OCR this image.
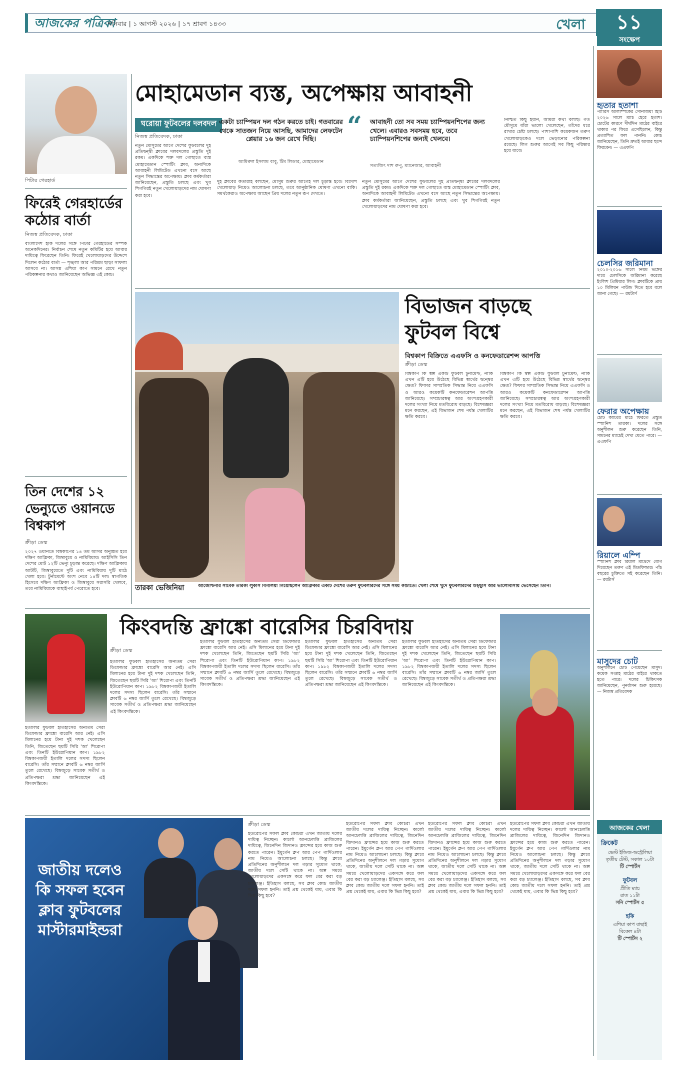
আজকের পত্রিকা
শনিবার | ১ আগস্ট ২০২৬ | ১৭ শ্রাবণ ১৪৩৩	খেলা	১১
পিটার গেরহার্ড
ফিরেই গেরহার্ডের কঠোর বার্তা
নিজস্ব প্রতিবেদক, ঢাকা
বাংলাদেশ হকি দলের সঙ্গে পিটার গেরহার্ডের সম্পর্ক অনেকদিনের। নির্বাচন শেষে নতুন কমিটির হয়ে আবার দায়িত্বে ফিরেছেন তিনি। ফিরেই খেলোয়াড়দের উদ্দেশে দিলেন কঠোর বার্তা — শৃঙ্খলা আর পরিশ্রম ছাড়া সাফল্য আসবে না। আসন্ন এশিয়া কাপ সামনে রেখে নতুন পরিকল্পনার কথাও জানিয়েছেন অভিজ্ঞ এই কোচ।
তিন দেশের ১২ ভেন্যুতে ওয়ানডে বিশ্বকাপ
ক্রীড়া ডেস্ক
২০২৭ ওয়ানডে বিশ্বকাপের ১৪ তম আসর অনুষ্ঠিত হবে দক্ষিণ আফ্রিকা, জিম্বাবুয়ে ও নামিবিয়ায়। আইসিসি তিন দেশের মোট ১২টি ভেন্যু চূড়ান্ত করেছে। দক্ষিণ আফ্রিকায় আটটি, জিম্বাবুয়েতে দুটি এবং নামিবিয়ায় দুটি মাঠে খেলা হবে। টুর্নামেন্টে অংশ নেবে ১৪টি দল। স্বাগতিক হিসেবে দক্ষিণ আফ্রিকা ও জিম্বাবুয়ে সরাসরি খেলবে, তবে নামিবিয়াকে বাছাইপর্ব পেরোতে হবে।
মোহামেডান ব্যস্ত, অপেক্ষায় আবাহনী
ঘরোয়া ফুটবলের দলবদল
নিজস্ব প্রতিবেদক, ঢাকা
নতুন মৌসুমের আগে দেশের ফুটবলের দুই প্রতিদ্বন্দ্বী ক্লাবের দলবদলের প্রস্তুতি দুই রকম। একদিকে শক্ত দল গোছাতে ব্যস্ত মোহামেডান স্পোর্টিং ক্লাব, অন্যদিকে আবাহনী লিমিটেড এখনো বসে আছে নতুন সিদ্ধান্তের অপেক্ষায়। ক্লাব কর্মকর্তারা জানিয়েছেন, প্রস্তুতি চলছে এবং খুব শিগগিরই নতুন খেলোয়াড়দের নাম ঘোষণা করা হবে।
একটা চ্যাম্পিয়ন দল গঠন করতে চাই। গতবারের থেকে সাতজন নিয়ে আসছি, আমাদের লেফটেন প্লেয়ার ১৬ জন রেখে দিছি।
আমিরুল ইসলাম বাবু, টিম লিডার, মোহামেডান
“ আবাহনী তো সব সময় চ্যাম্পিয়নশিপের জন্য খেলে। এবারও সবসময় হবে, তবে চ্যাম্পিয়নশিপের জন্যই খেলবে।
সত্যজিৎ দাশ রুপু, ম্যানেজার, আবাহনী
দুই ক্লাবের কর্তারাই বলছেন, মৌসুম শুরুর আগেই দল চূড়ান্ত হবে। বিদেশি খেলোয়াড় নিয়েও আলোচনা চলছে, তবে আনুষ্ঠানিক ঘোষণা এখনো বাকি। সমর্থকেরাও অপেক্ষায় আছেন প্রিয় দলের নতুন রূপ দেখতে।
নতুন মৌসুমের আগে দেশের ফুটবলের দুই প্রতিদ্বন্দ্বী ক্লাবের দলবদলের প্রস্তুতি দুই রকম। একদিকে শক্ত দল গোছাতে ব্যস্ত মোহামেডান স্পোর্টিং ক্লাব, অন্যদিকে আবাহনী লিমিটেড এখনো বসে আছে নতুন সিদ্ধান্তের অপেক্ষায়। ক্লাব কর্মকর্তারা জানিয়েছেন, প্রস্তুতি চলছে এবং খুব শিগগিরই নতুন খেলোয়াড়দের নাম ঘোষণা করা হবে।
নিশ্চিত কিছু হয়নি, আমরা কথা বলছি। গত মৌসুমে যাঁরা ভালো খেলেছেন, তাঁদের ধরে রাখার চেষ্টা চলছে। পাশাপাশি কয়েকজন তরুণ খেলোয়াড়কেও দলে ভেড়ানোর পরিকল্পনা রয়েছে। লিগ শুরুর আগেই সব কিছু পরিষ্কার হয়ে যাবে।
তারকা ভেজিনিয়া	আর্জেন্টিনার সাবেক তারকা লুকাস বিগলিয়া গিয়েছিলেন আফ্রিকার একটি দেশের তরুণ ফুটবলারদের সঙ্গে সময় কাটাতে। খেলা শেষে খুদে ফুটবলারদের উচ্ছ্বাস আর ভালোবাসায় ভেসেছেন তিনি।
বিভাজন বাড়ছে
ফুটবল বিশ্বে
বিশ্বকাপ বিক্রিতে এএফসি ও কনফেডারেশন্স আপত্তি
ক্রীড়া ডেস্ক
বিশ্বকাপ কি স্বল্প একটি ফুটবল টুর্নামেন্ট, নাকি এখন এটি হয়ে উঠেছে বিভিন্ন স্বার্থের দ্বন্দ্বের ক্ষেত্র? ফিফার সাম্প্রতিক সিদ্ধান্ত নিয়ে এএফসি ও আরও কয়েকটি কনফেডারেশন আপত্তি জানিয়েছে। সম্প্রচারস্বত্ব আর অংশগ্রহণকারী দলের সংখ্যা নিয়ে মতবিরোধ বাড়ছে। বিশেষজ্ঞরা মনে করছেন, এই বিভাজন শেষ পর্যন্ত খেলাটির ক্ষতি করবে।
বিশ্বকাপ কি স্বল্প একটি ফুটবল টুর্নামেন্ট, নাকি এখন এটি হয়ে উঠেছে বিভিন্ন স্বার্থের দ্বন্দ্বের ক্ষেত্র? ফিফার সাম্প্রতিক সিদ্ধান্ত নিয়ে এএফসি ও আরও কয়েকটি কনফেডারেশন আপত্তি জানিয়েছে। সম্প্রচারস্বত্ব আর অংশগ্রহণকারী দলের সংখ্যা নিয়ে মতবিরোধ বাড়ছে। বিশেষজ্ঞরা মনে করছেন, এই বিভাজন শেষ পর্যন্ত খেলাটির ক্ষতি করবে।
কিংবদন্তি ফ্রাঙ্কো বারেসির চিরবিদায়
ক্রীড়া ডেস্ক
ইতালির ফুটবল ইতিহাসের অন্যতম সেরা ডিফেন্ডার ফ্রাঙ্কো বারেসি আর নেই। এসি মিলানের হয়ে টানা দুই দশক খেলেছেন তিনি, জিতেছেন ছয়টি সিরি 'আ' শিরোপা এবং তিনটি ইউরোপিয়ান কাপ। ১৯৮২ বিশ্বকাপজয়ী ইতালি দলের সদস্য ছিলেন বারেসি। তাঁর সম্মানে ক্লাবটি ৬ নম্বর জার্সি তুলে রেখেছে। বিশ্বজুড়ে সাবেক সতীর্থ ও প্রতিপক্ষরা শ্রদ্ধা জানিয়েছেন এই কিংবদন্তিকে।
ইতালির ফুটবল ইতিহাসের অন্যতম সেরা ডিফেন্ডার ফ্রাঙ্কো বারেসি আর নেই। এসি মিলানের হয়ে টানা দুই দশক খেলেছেন তিনি, জিতেছেন ছয়টি সিরি 'আ' শিরোপা এবং তিনটি ইউরোপিয়ান কাপ। ১৯৮২ বিশ্বকাপজয়ী ইতালি দলের সদস্য ছিলেন বারেসি। তাঁর সম্মানে ক্লাবটি ৬ নম্বর জার্সি তুলে রেখেছে। বিশ্বজুড়ে সাবেক সতীর্থ ও প্রতিপক্ষরা শ্রদ্ধা জানিয়েছেন এই কিংবদন্তিকে।
ইতালির ফুটবল ইতিহাসের অন্যতম সেরা ডিফেন্ডার ফ্রাঙ্কো বারেসি আর নেই। এসি মিলানের হয়ে টানা দুই দশক খেলেছেন তিনি, জিতেছেন ছয়টি সিরি 'আ' শিরোপা এবং তিনটি ইউরোপিয়ান কাপ। ১৯৮২ বিশ্বকাপজয়ী ইতালি দলের সদস্য ছিলেন বারেসি। তাঁর সম্মানে ক্লাবটি ৬ নম্বর জার্সি তুলে রেখেছে। বিশ্বজুড়ে সাবেক সতীর্থ ও প্রতিপক্ষরা শ্রদ্ধা জানিয়েছেন এই কিংবদন্তিকে।
ইতালির ফুটবল ইতিহাসের অন্যতম সেরা ডিফেন্ডার ফ্রাঙ্কো বারেসি আর নেই। এসি মিলানের হয়ে টানা দুই দশক খেলেছেন তিনি, জিতেছেন ছয়টি সিরি 'আ' শিরোপা এবং তিনটি ইউরোপিয়ান কাপ। ১৯৮২ বিশ্বকাপজয়ী ইতালি দলের সদস্য ছিলেন বারেসি। তাঁর সম্মানে ক্লাবটি ৬ নম্বর জার্সি তুলে রেখেছে। বিশ্বজুড়ে সাবেক সতীর্থ ও প্রতিপক্ষরা শ্রদ্ধা জানিয়েছেন এই কিংবদন্তিকে।
ইতালির ফুটবল ইতিহাসের অন্যতম সেরা ডিফেন্ডার ফ্রাঙ্কো বারেসি আর নেই। এসি মিলানের হয়ে টানা দুই দশক খেলেছেন তিনি, জিতেছেন ছয়টি সিরি 'আ' শিরোপা এবং তিনটি ইউরোপিয়ান কাপ। ১৯৮২ বিশ্বকাপজয়ী ইতালি দলের সদস্য ছিলেন বারেসি। তাঁর সম্মানে ক্লাবটি ৬ নম্বর জার্সি তুলে রেখেছে। বিশ্বজুড়ে সাবেক সতীর্থ ও প্রতিপক্ষরা শ্রদ্ধা জানিয়েছেন এই কিংবদন্তিকে।
জাতীয় দলেও কি সফল হবেন ক্লাব ফুটবলের মাস্টারমাইন্ডরা
ক্রীড়া ডেস্ক
ইউরোপের সফল ক্লাব কোচরা এখন জাতীয় দলের দায়িত্ব নিচ্ছেন। কার্লো আনচেলত্তি ব্রাজিলের দায়িত্বে, জিনেদিন জিদানও ফ্রান্সের হয়ে কাজ শুরু করতে পারেন। ইয়ুর্গেন ক্লপ আর পেপ গার্দিওলার নাম নিয়েও আলোচনা চলছে। কিন্তু ক্লাবে প্রতিদিনের অনুশীলনে দল গড়ার সুযোগ থাকে, জাতীয় দলে সেটি থাকে না। অল্প সময়ে খেলোয়াড়দের একসঙ্গে করে ফল বের করা বড় চ্যালেঞ্জ। ইতিহাস বলছে, সব ক্লাব কোচ জাতীয় দলে সফল হননি। তাই প্রশ্ন থেকেই যায়, এবার কি ভিন্ন কিছু হবে?
ইউরোপের সফল ক্লাব কোচরা এখন জাতীয় দলের দায়িত্ব নিচ্ছেন। কার্লো আনচেলত্তি ব্রাজিলের দায়িত্বে, জিনেদিন জিদানও ফ্রান্সের হয়ে কাজ শুরু করতে পারেন। ইয়ুর্গেন ক্লপ আর পেপ গার্দিওলার নাম নিয়েও আলোচনা চলছে। কিন্তু ক্লাবে প্রতিদিনের অনুশীলনে দল গড়ার সুযোগ থাকে, জাতীয় দলে সেটি থাকে না। অল্প সময়ে খেলোয়াড়দের একসঙ্গে করে ফল বের করা বড় চ্যালেঞ্জ। ইতিহাস বলছে, সব ক্লাব কোচ জাতীয় দলে সফল হননি। তাই প্রশ্ন থেকেই যায়, এবার কি ভিন্ন কিছু হবে?
ইউরোপের সফল ক্লাব কোচরা এখন জাতীয় দলের দায়িত্ব নিচ্ছেন। কার্লো আনচেলত্তি ব্রাজিলের দায়িত্বে, জিনেদিন জিদানও ফ্রান্সের হয়ে কাজ শুরু করতে পারেন। ইয়ুর্গেন ক্লপ আর পেপ গার্দিওলার নাম নিয়েও আলোচনা চলছে। কিন্তু ক্লাবে প্রতিদিনের অনুশীলনে দল গড়ার সুযোগ থাকে, জাতীয় দলে সেটি থাকে না। অল্প সময়ে খেলোয়াড়দের একসঙ্গে করে ফল বের করা বড় চ্যালেঞ্জ। ইতিহাস বলছে, সব ক্লাব কোচ জাতীয় দলে সফল হননি। তাই প্রশ্ন থেকেই যায়, এবার কি ভিন্ন কিছু হবে?
ইউরোপের সফল ক্লাব কোচরা এখন জাতীয় দলের দায়িত্ব নিচ্ছেন। কার্লো আনচেলত্তি ব্রাজিলের দায়িত্বে, জিনেদিন জিদানও ফ্রান্সের হয়ে কাজ শুরু করতে পারেন। ইয়ুর্গেন ক্লপ আর পেপ গার্দিওলার নাম নিয়েও আলোচনা চলছে। কিন্তু ক্লাবে প্রতিদিনের অনুশীলনে দল গড়ার সুযোগ থাকে, জাতীয় দলে সেটি থাকে না। অল্প সময়ে খেলোয়াড়দের একসঙ্গে করে ফল বের করা বড় চ্যালেঞ্জ। ইতিহাস বলছে, সব ক্লাব কোচ জাতীয় দলে সফল হননি। তাই প্রশ্ন থেকেই যায়, এবার কি ভিন্ন কিছু হবে?
সংক্ষেপ
হৃতার হতাশা
প্যারিস অলিম্পিকের সোনাজয়ী হিটি ২০২৬ সালে ম্যাচ হেরে হতাশ। চোটের কারণে দীর্ঘদিন মাঠের বাইরে থাকার পর ফিরে এসেছিলেন, কিন্তু প্রত্যাশিত ফল পাননি। কোচ জানিয়েছেন, তিনি দ্রুতই আবার ছন্দে ফিরবেন। — এএফপি
চেলসির জরিমানা
২০১০-২০১৬ সালে নিয়ম ভঙ্গের দায়ে চেলসিকে জরিমানা করেছে ইংলিশ প্রিমিয়ার লিগ। ক্লাবটিকে প্রায় ১০ মিলিয়ন পাউন্ড দিতে হবে বলে জানা গেছে। — রয়টার্স
ফেরার অপেক্ষায়
চোট কাটিয়ে মাঠে ফিরতে প্রস্তুত স্প্যানিশ তারকা। দলের সঙ্গে অনুশীলন শুরু করেছেন তিনি, সামনের ম্যাচেই দেখা যেতে পারে। — এএফপি
রিয়ালে এম্পি
স্প্যানিশ ক্লাব রিয়াল মাদ্রিদে যোগ দিয়েছেন তরুণ এই মিডফিল্ডার। পাঁচ বছরের চুক্তিতে সই করেছেন তিনি। — রয়টার্স
মাসুদের চোট
অনুশীলনে চোট পেয়েছেন মাসুদ। কয়েক সপ্তাহ মাঠের বাইরে থাকতে হতে পারে। দলের চিকিৎসক জানিয়েছেন, পুনর্বাসন শুরু হয়েছে। — নিজস্ব প্রতিবেদক
আজকের খেলা
ক্রিকেট
ভেস্ট ইন্ডিজ-অস্ট্রেলিয়া
তৃতীয় টেস্ট, সকাল ১০টা
টি স্পোর্টস
ফুটবল
প্রীতি ম্যাচ
রাত ১১টা
সনি স্পোর্টস ৫
হকি
এশিয়া কাপ বাছাই
বিকেল ৪টা
টি স্পোর্টস ২
